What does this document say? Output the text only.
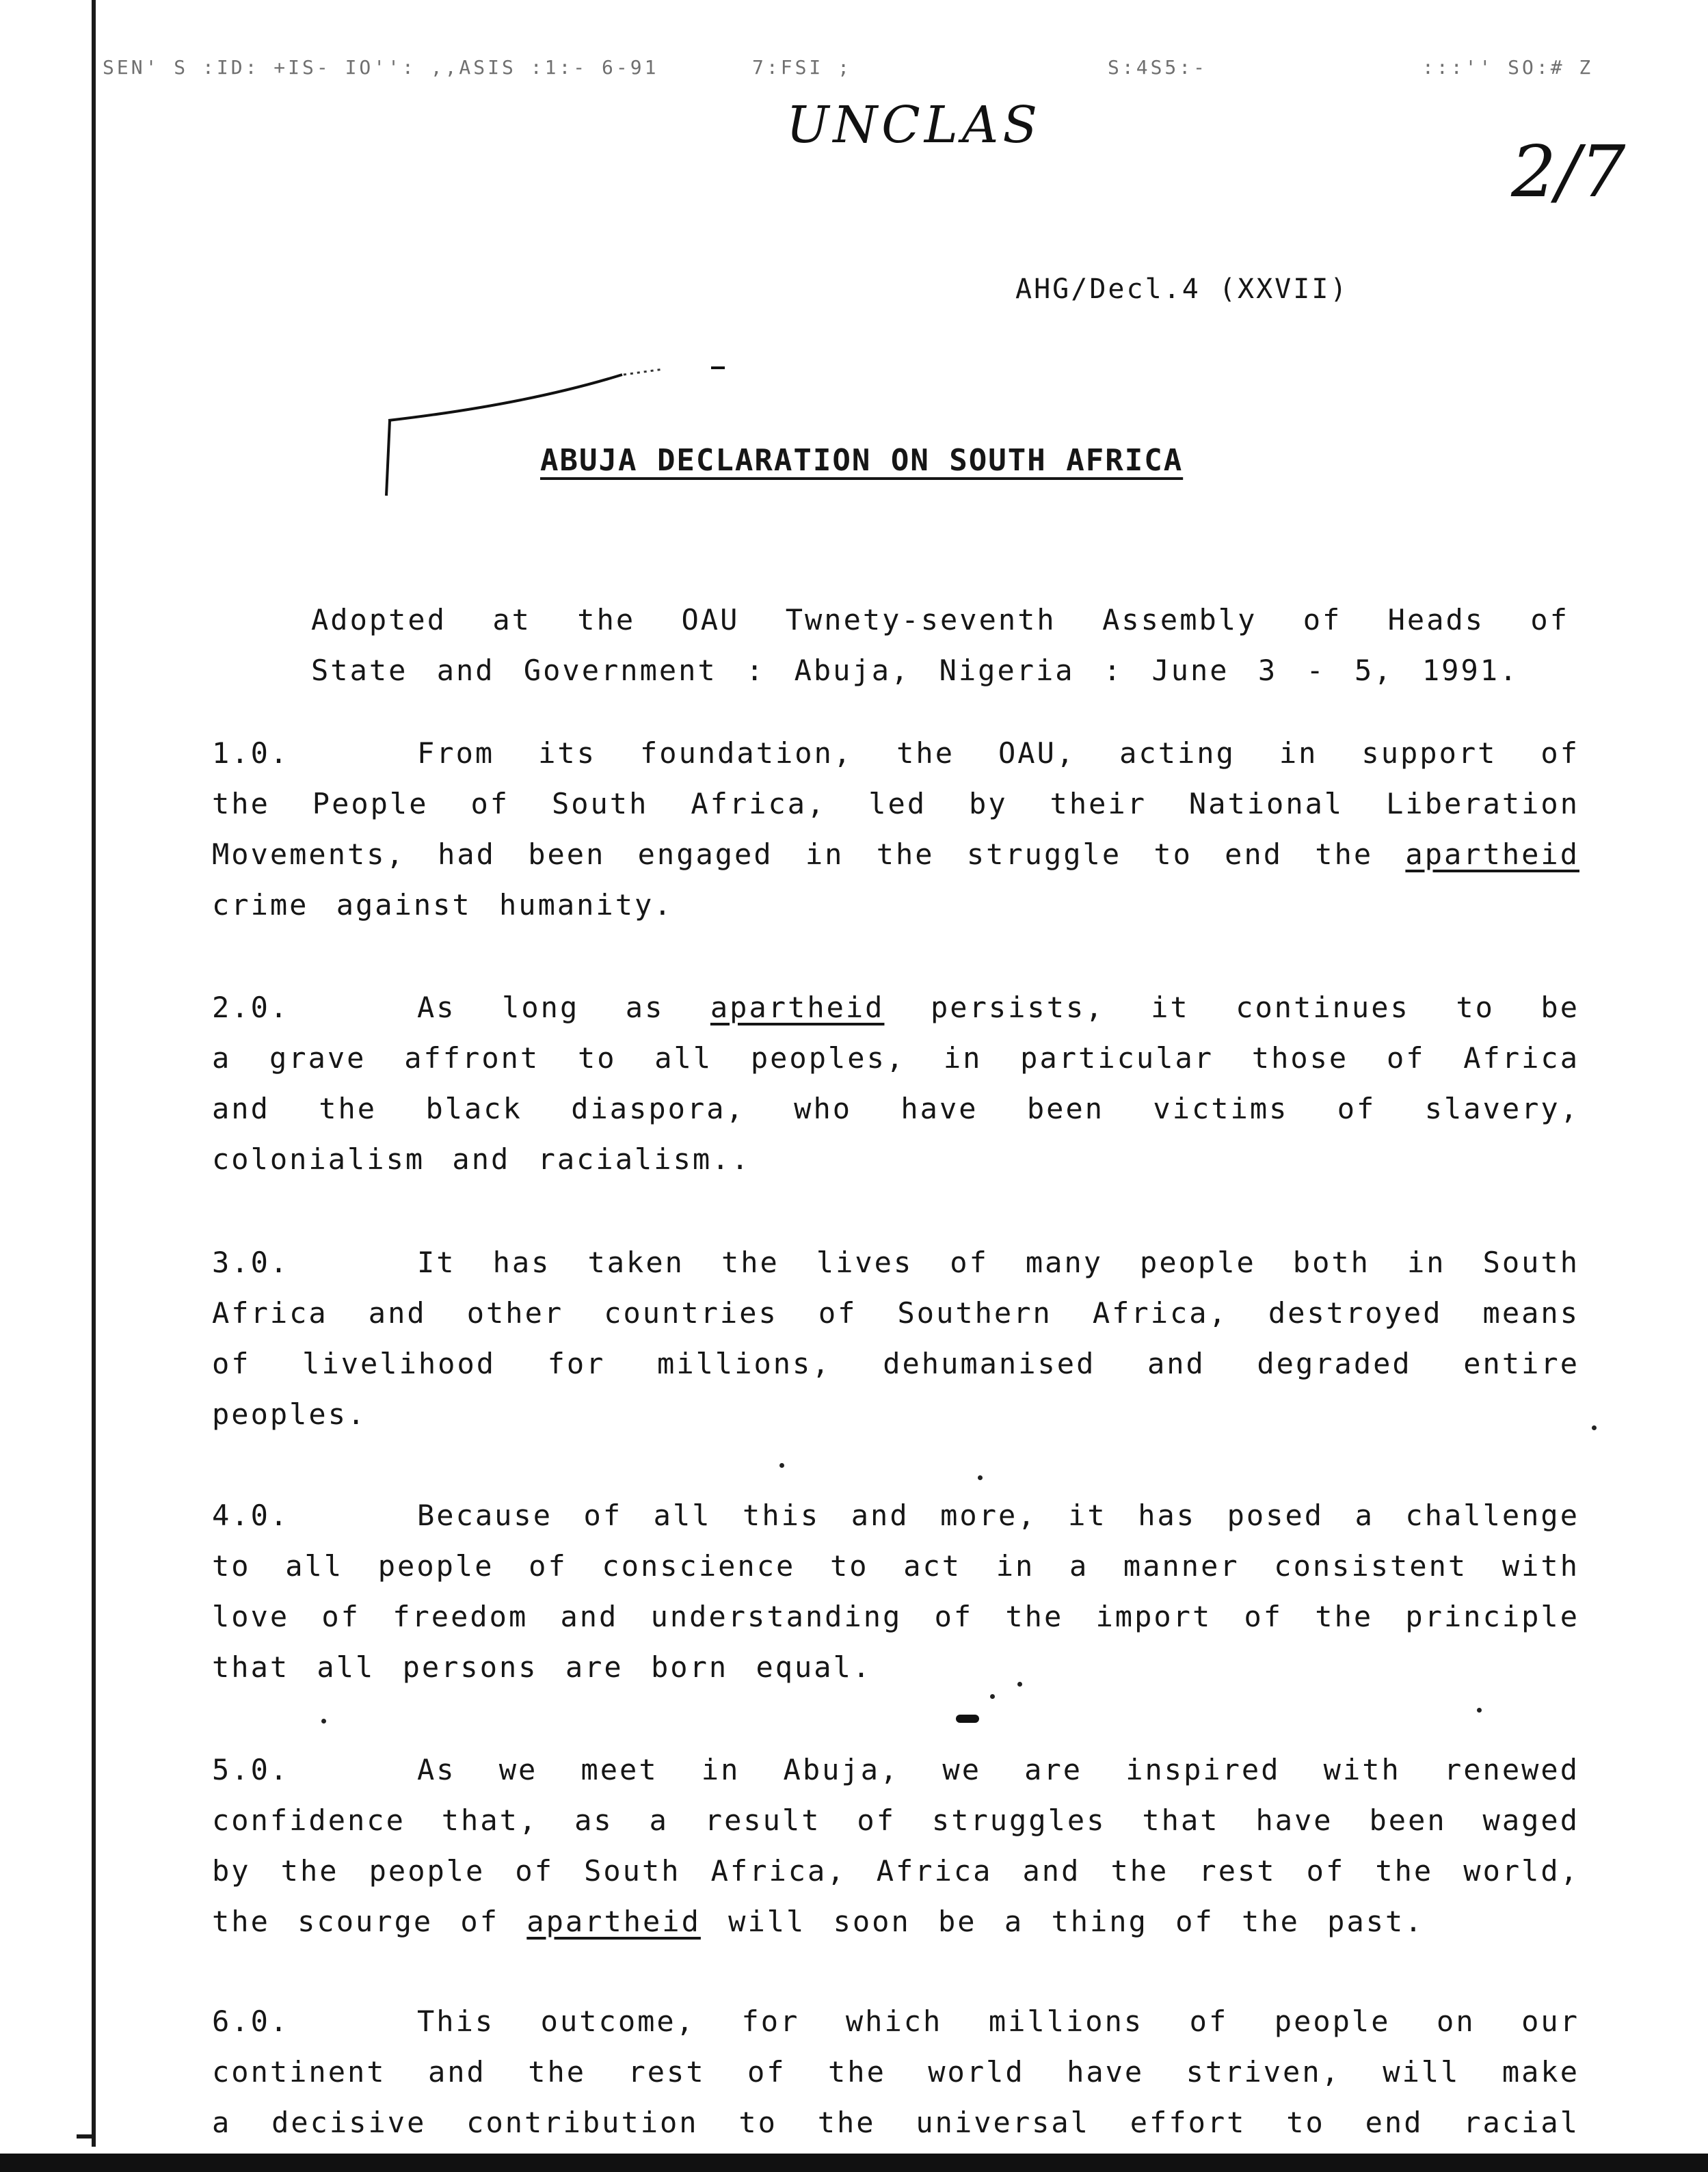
SEN' S :ID: +IS- IO'': ,,ASIS :1:- 6-91	7:FSI ;	S:4S5:-	:::'' SO:# Z
UNCLAS
2/7
AHG/Decl.4 (XXVII)
ABUJA DECLARATION ON SOUTH AFRICA
Adopted at the OAU Twnety-seventh Assembly of Heads of
State and Government : Abuja, Nigeria : June 3 - 5, 1991.
1.0.	From its foundation, the OAU, acting in support of
the People of South Africa, led by their National Liberation
Movements, had been engaged in the struggle to end the apartheid
crime against humanity.
2.0.	As long as apartheid persists, it continues to be
a grave affront to all peoples, in particular those of Africa
and the black diaspora, who have been victims of slavery,
colonialism and racialism..
3.0.	It has taken the lives of many people both in South
Africa and other countries of Southern Africa, destroyed means
of livelihood for millions, dehumanised and degraded entire
peoples.
4.0.	Because of all this and more, it has posed a challenge
to all people of conscience to act in a manner consistent with
love of freedom and understanding of the import of the principle
that all persons are born equal.
5.0.	As we meet in Abuja, we are inspired with renewed
confidence that, as a result of struggles that have been waged
by the people of South Africa, Africa and the rest of the world,
the scourge of apartheid will soon be a thing of the past.
6.0.	This outcome, for which millions of people on our
continent and the rest of the world have striven, will make
a decisive contribution to the universal effort to end racial
